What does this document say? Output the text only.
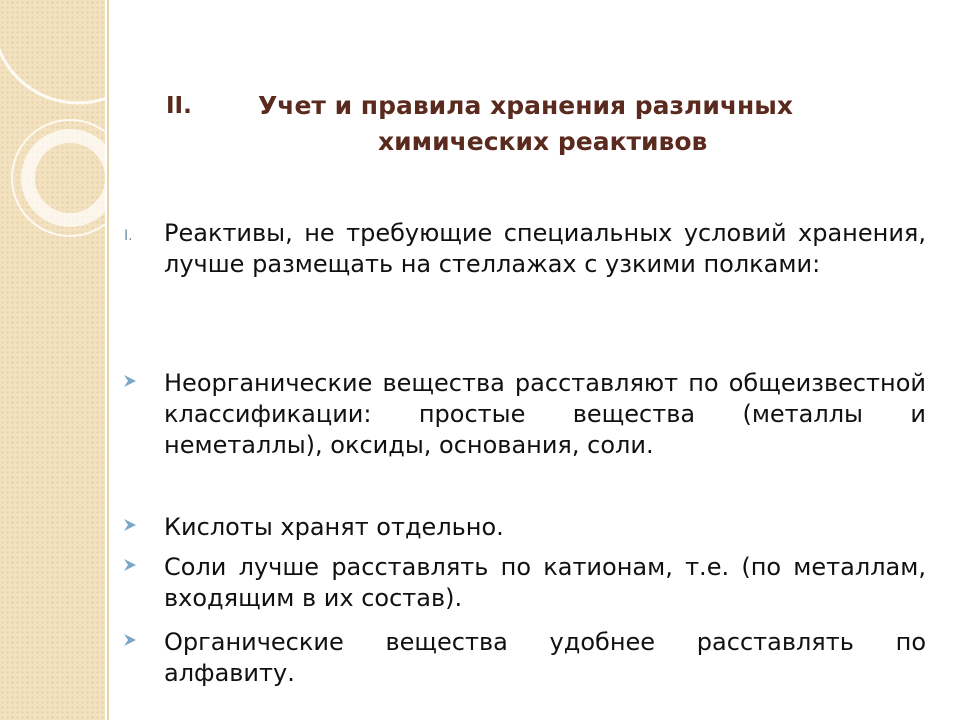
II.	Учет и правила хранения различных
химических реактивов
I. Реактивы, не требующие специальных условий хранения, лучше размещать на стеллажах с узкими полками:
Неорганические вещества расставляют по общеизвестной классификации: простые вещества (металлы и неметаллы), оксиды, основания, соли.
Кислоты хранят отдельно.
Соли лучше расставлять по катионам, т.е. (по металлам, входящим в их состав).
Органические вещества удобнее расставлять по алфавиту.
